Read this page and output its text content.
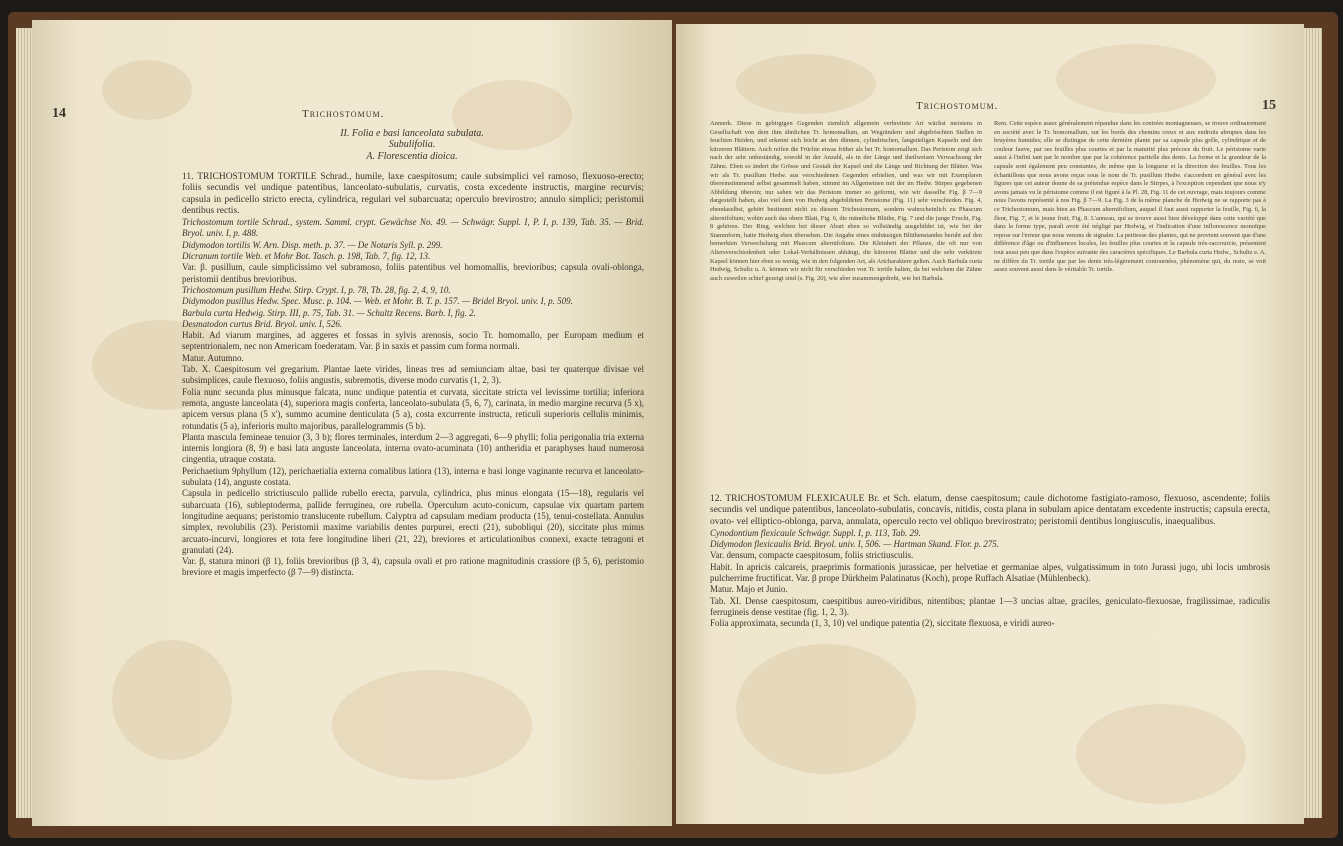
14	Trichostomum.

II. Folia e basi lanceolata subulata.

Subulifolia.

A. Florescentia dioica.

11. TRICHOSTOMUM TORTILE Schrad., humile, laxe caespitosum; caule subsimplici vel ramoso, flexuoso-erecto; foliis secundis vel undique patentibus, lanceolato-subulatis, curvatis, costa excedente instructis, margine recurvis; capsula in pedicello stricto erecta, cylindrica, regulari vel subarcuata; operculo brevirostro; annulo simplici; peristomii dentibus rectis.

Trichostomum tortile Schrad., system. Samml. crypt. Gewächse No. 49. — Schwägr. Suppl. I, P. I, p. 139, Tab. 35. — Brid. Bryol. univ. I, p. 488.

Didymodon tortilis W. Arn. Disp. meth. p. 37. — De Notaris Syll. p. 299.

Dicranum tortile Web. et Mohr Bot. Tasch. p. 198, Tab. 7, fig. 12, 13.

Var. β. pusillum, caule simplicissimo vel subramoso, foliis patentibus vel homomallis, brevioribus; capsula ovali-oblonga, peristomii dentibus brevioribus.

Trichostomum pusillum Hedw. Stirp. Crypt. I, p. 78, Tb. 28, fig. 2, 4, 9, 10.

Didymodon pusillus Hedw. Spec. Musc. p. 104. — Web. et Mohr. B. T. p. 157. — Bridel Bryol. univ. I, p. 509.

Barbula curta Hedwig. Stirp. III, p. 75, Tab. 31. — Schultz Recens. Barb. I, fig. 2.

Desmatodon curtus Brid. Bryol. univ. I, 526.

Habit. Ad viarum margines, ad aggeres et fossas in sylvis arenosis, socio Tr. homomallo, per Europam medium et septentrionalem, nec non Americam foederatam. Var. β in saxis et passim cum forma normali.

Matur. Autumno.

Tab. X. Caespitosum vel gregarium. Plantae laete virides, lineas tres ad semiunciam altae, basi ter quaterque divisae vel subsimplices, caule flexuoso, foliis angustis, subremotis, diverse modo curvatis (1, 2, 3).

Folia nunc secunda plus minusque falcata, nunc undique patentia et curvata, siccitate stricta vel levissime tortilia; inferiora remota, anguste lanceolata (4), superiora magis conferta, lanceolato-subulata (5, 6, 7), carinata, in medio margine recurva (5 x), apicem versus plana (5 x'), summo acumine denticulata (5 a), costa excurrente instructa, reticuli superioris cellulis minimis, rotundatis (5 a), inferioris multo majoribus, parallelogrammis (5 b).

Planta mascula femineae tenuior (3, 3 b); flores terminales, interdum 2—3 aggregati, 6—9 phylli; folia perigonalia tria externa internis longiora (8, 9) e basi lata anguste lanceolata, interna ovato-acuminata (10) antheridia et paraphyses haud numerosa cingentia, utraque costata.

Perichaetium 9phyllum (12), perichaetialia externa comalibus latiora (13), interna e basi longe vaginante recurva et lanceolato-subulata (14), anguste costata.

Capsula in pedicello strictiusculo pallide rubello erecta, parvula, cylindrica, plus minus elongata (15—18), regularis vel subarcuata (16), subleptoderma, pallide ferruginea, ore rubella. Operculum acuto-conicum, capsulae vix quartam partem longitudine aequans; peristomio translucente rubellum. Calyptra ad capsulam mediam producta (15), tenui-costellata. Annulus simplex, revolubilis (23). Peristomii maxime variabilis dentes purpurei, erecti (21), subobliqui (20), siccitate plus minus arcuato-incurvi, longiores et tota fere longitudine liberi (21, 22), breviores et articulationibus connexi, exacte tetragoni et granulati (24).

Var. β, statura minori (β 1), foliis brevioribus (β 3, 4), capsula ovali et pro ratione magnitudinis crassiore (β 5, 6), peristomio breviore et magis imperfecto (β 7—9) distincta.

Trichostomum.	15
Anmerk. Diese in gebirgigen Gegenden ziemlich allgemein verbreitete Art wächst meistens in Gesellschaft von dem ihm ähnlichen Tr. homomallum, an Wegrändern und abgeböschten Stellen in feuchten Heiden, und erkennt sich leicht an den dünnen, cylindrischen, langstieligen Kapseln und den kürzeren Blättern. Auch reifen die Früchte etwas früher als bei Tr. homomallum. Das Peristom zeigt sich nach der sehr unbeständig, sowohl in der Anzahl, als in der Länge und theilweisen Verwachsung der Zähne. Eben so ändert die Grösse und Gestalt der Kapsel und die Länge und Richtung der Blätter. Was wir als Tr. pusillum Hedw. aus verschiedenen Gegenden erhielten, und was wir mit Exemplaren übereinstimmend selbst gesammelt haben, stimmt im Allgemeinen mit der im Hedw. Stirpes gegebenen Abbildung überein; nur sahen wir das Peristom immer so geformt, wie wir dasselbe Fig. β 7—9 dargestellt haben, also viel dem von Hedwig abgebildeten Peristome (Fig. 11) sehr verschieden. Fig. 4, ebendaselbst, gehört bestimmt nicht zu diesem Trichostomum, sondern wahrscheinlich zu Phascum alternifolium; wohin auch das obere Blatt, Fig. 6, die männliche Blüthe, Fig. 7 und die junge Frucht, Fig. 8 gehören. Der Ring, welchen bei dieser Abart eben so vollständig ausgebildet ist, wie bei der Stammform, hatte Hedwig eben übersehen. Die Angabe eines einhäusigen Blüthenstandes beruht auf den bemerkten Verwechslung mit Phascum alternifolium. Die Kleinheit der Pflanze, die oft nur von Altersverschiedenheit oder Lokal-Verhältnissen abhängt, die kürzeren Blätter und die sehr verkürzte Kapsel können hier eben so wenig, wie in den folgenden Art, als Artcharaktere gelten. Auch Barbula curta Hedwig, Schultz u. A. können wir nicht für verschieden von Tr. tortile halten, da bei welchem die Zähne auch zuweilen schief gezeigt sind (s. Fig. 20), wie aber zusammengedreht, wie bei Barbula.
Rem. Cette espèce assez généralement répandue dans les contrées montagneuses, se trouve ordinairement en société avec le Tr. homomallum, sur les bords des chemins creux et aux endroits abruptes dans les bruyères humides; elle se distingue de cette dernière plante par sa capsule plus grêle, cylindrique et de couleur fauve, par ses feuilles plus courtes et par la maturité plus précoce du fruit. Le péristome varie aussi à l'infini tant par le nombre que par la cohérence partielle des dents. La forme et la grandeur de la capsule sont également peu constantes, de même que la longueur et la direction des feuilles. Tous les échantillons que nous avons reçus sous le nom de Tr. pusillum Hedw. s'accordent en général avec les figures que cet auteur donne de sa prétendue espèce dans le Stirpes, à l'exception cependant que nous n'y avons jamais vu le péristome comme il est figuré à la Pl. 28, Fig. 11 de cet ouvrage, mais toujours comme nous l'avons représenté à nos Fig. β 7—9. La Fig. 3 de la même planche de Hedwig ne se rapporte pas à ce Trichostomum, mais bien au Phascum alternifolium, auquel il faut aussi rapporter la feuille, Fig. 6, la fleur, Fig. 7, et le jeune fruit, Fig. 8. L'anneau, qui se trouve aussi bien développé dans cette variété que dans la forme type, paraît avoir été négligé par Hedwig, et l'indication d'une inflorescence monoïque repose sur l'erreur que nous venons de signaler. La petitesse des plantes, qui ne provient souvent que d'une différence d'âge ou d'influences locales, les feuilles plus courtes et la capsule très-raccourcie, présentent tout aussi peu que dans l'espèce suivante des caractères spécifiques. Le Barbula curta Hedw., Schultz e. A. ne diffère du Tr. tortile que par les dents très-légèrement contournées, phénomène qui, du reste, se voit assez souvent aussi dans le véritable Tr. tortile.

12. TRICHOSTOMUM FLEXICAULE Br. et Sch. elatum, dense caespitosum; caule dichotome fastigiato-ramoso, flexuoso, ascendente; foliis secundis vel undique patentibus, lanceolato-subulatis, concavis, nitidis, costa plana in subulam apice dentatam excedente instructis; capsula erecta, ovato- vel elliptico-oblonga, parva, annulata, operculo recto vel obliquo brevirostrato; peristomii dentibus longiusculis, inaequalibus.

Cynodontium flexicaule Schwägr. Suppl. I, p. 113, Tab. 29.

Didymodon flexicaulis Brid. Bryol. univ. I, 506. — Hartman Skand. Flor. p. 275.

Var. densum, compacte caespitosum, foliis strictiusculis.

Habit. In apricis calcareis, praeprimis formationis jurassicae, per helvetiae et germaniae alpes, vulgatissimum in toto Jurassi jugo, ubi locis umbrosis pulcherrime fructificat. Var. β prope Dürkheim Palatinatus (Koch), prope Ruffach Alsatiae (Mühlenbeck).

Matur. Majo et Junio.

Tab. XI. Dense caespitosum, caespitibus aureo-viridibus, nitentibus; plantae 1—3 uncias altae, graciles, geniculato-flexuosae, fragilissimae, radiculis ferrugineis dense vestitae (fig. 1, 2, 3).

Folia approximata, secunda (1, 3, 10) vel undique patentia (2), siccitate flexuosa, e viridi aureo-
